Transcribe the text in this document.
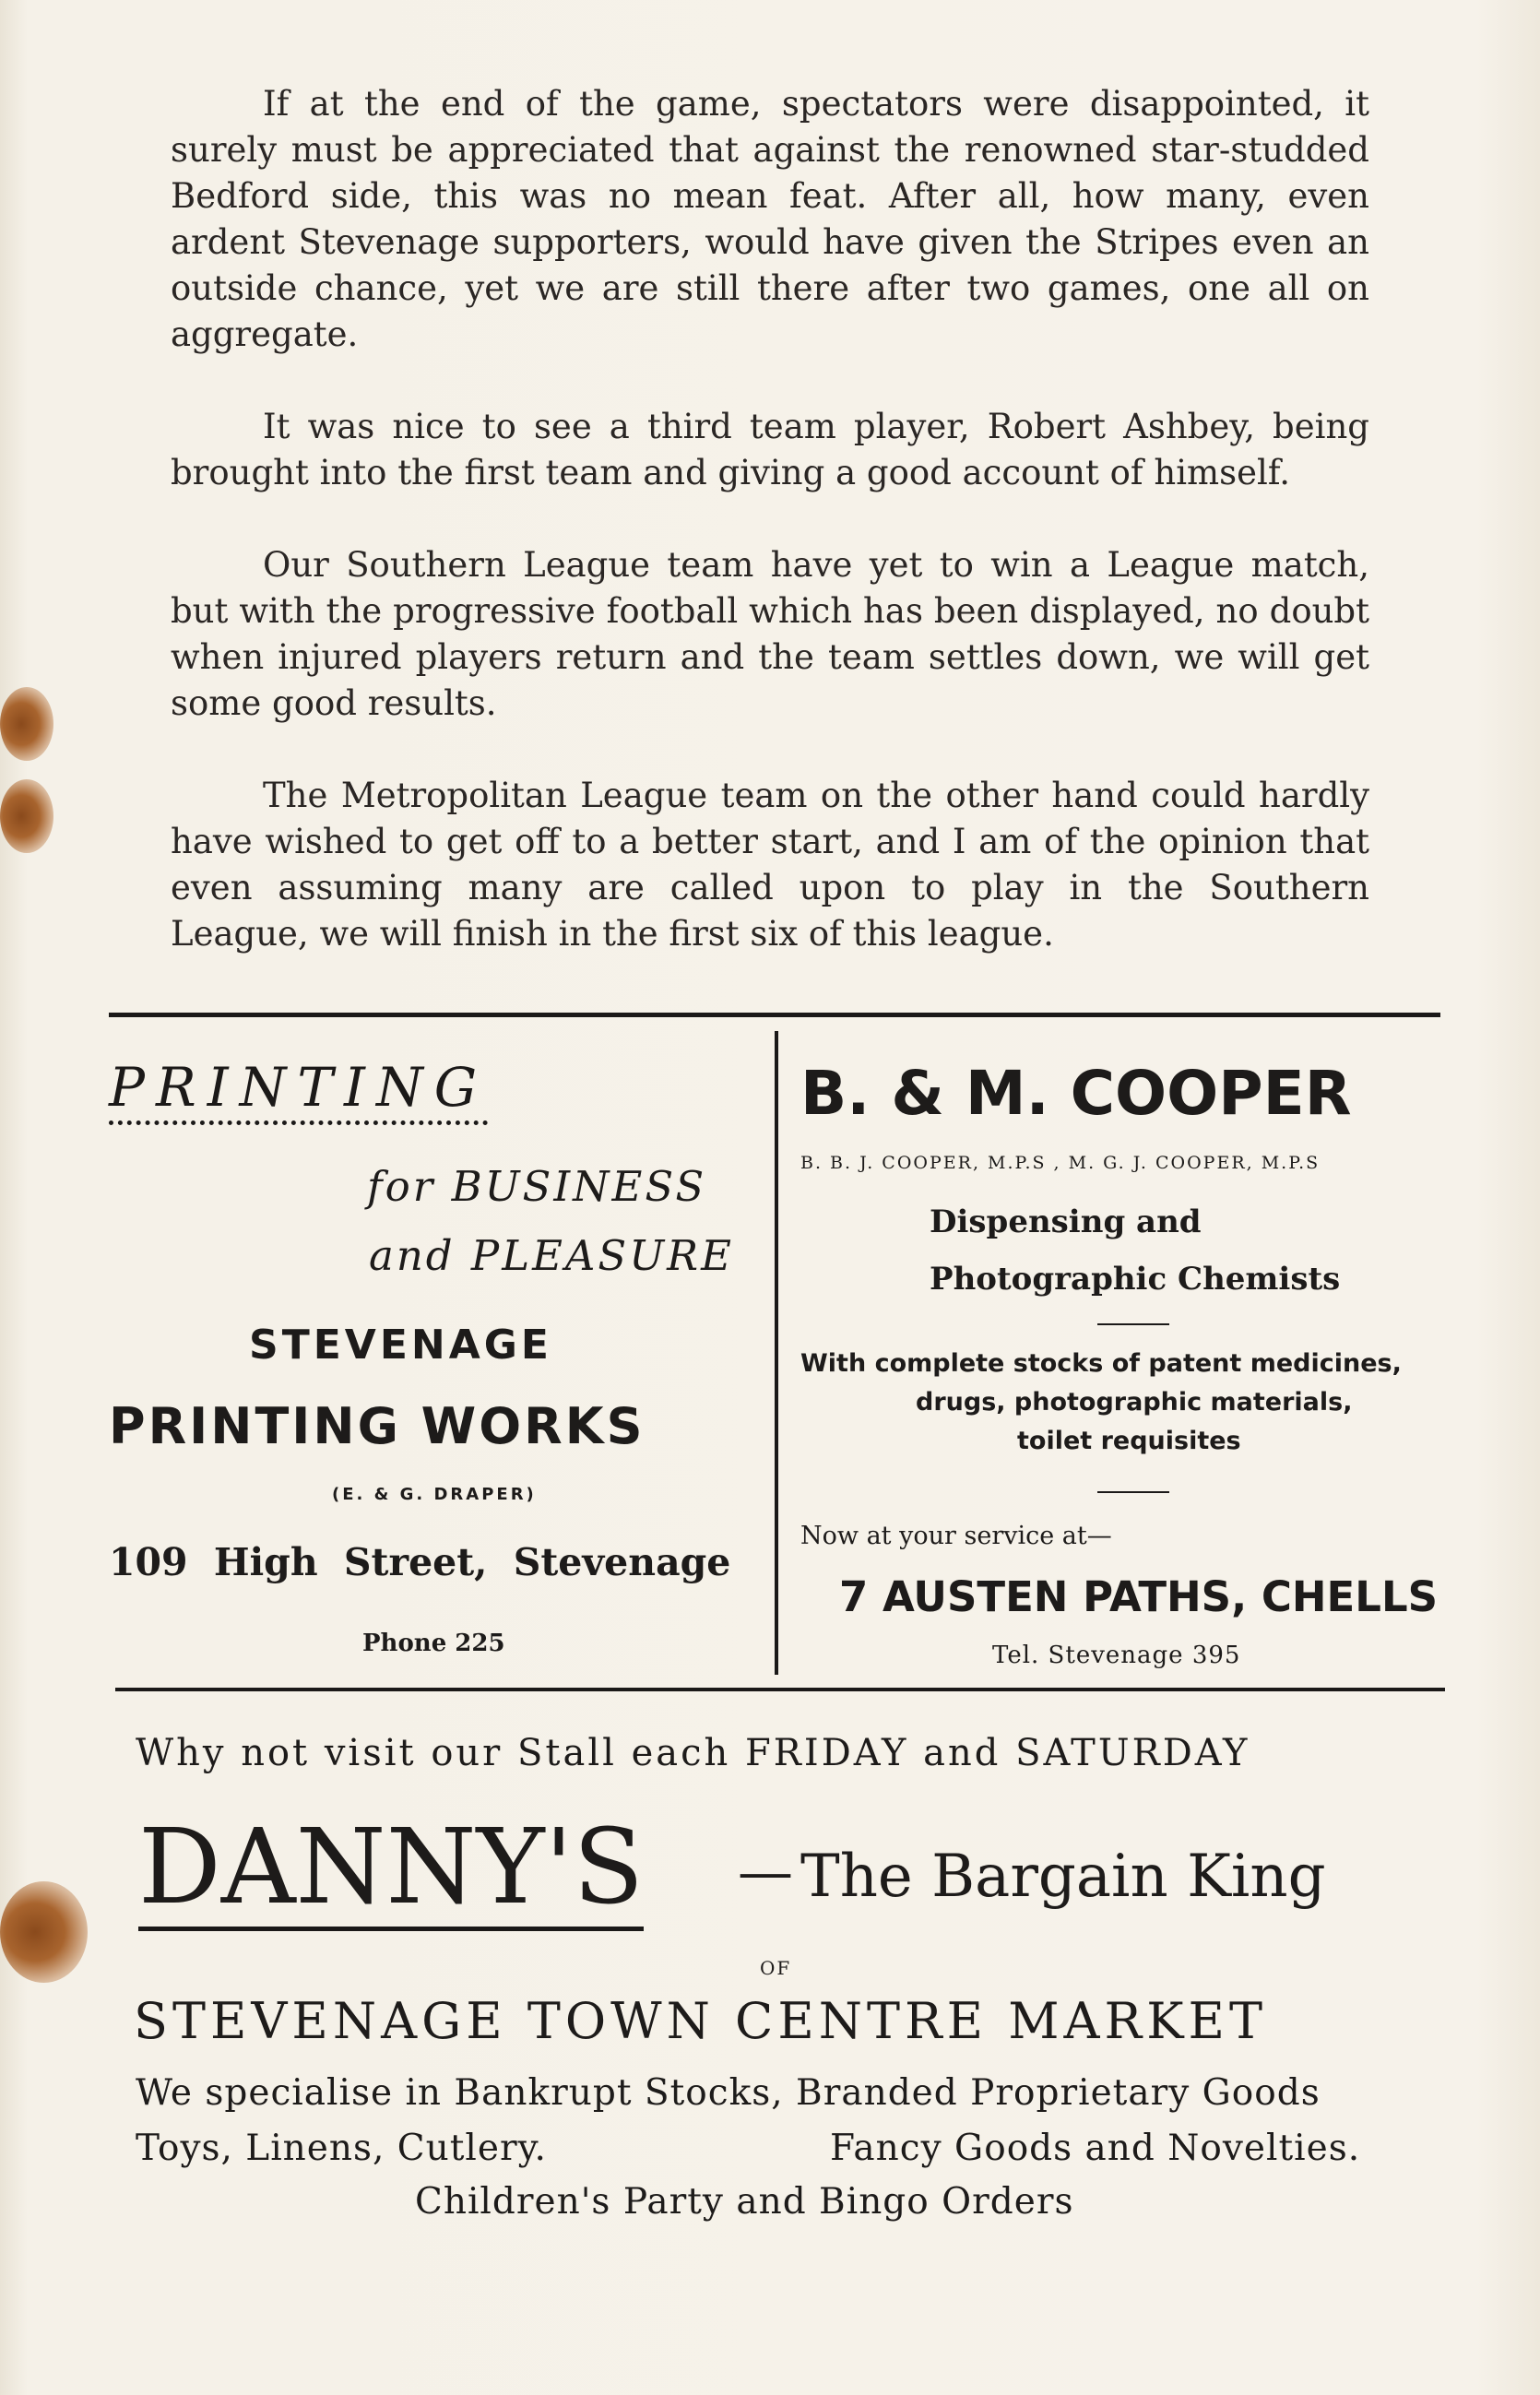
If at the end of the game, spectators were disappointed, it surely must be appreciated that against the renowned star-studded Bedford side, this was no mean feat. After all, how many, even ardent Stevenage supporters, would have given the Stripes even an outside chance, yet we are still there after two games, one all on aggregate.

It was nice to see a third team player, Robert Ashbey, being brought into the first team and giving a good account of himself.

Our Southern League team have yet to win a League match, but with the progressive football which has been displayed, no doubt when injured players return and the team settles down, we will get some good results.

The Metropolitan League team on the other hand could hardly have wished to get off to a better start, and I am of the opinion that even assuming many are called upon to play in the Southern League, we will finish in the first six of this league.

PRINTING
for BUSINESS
and PLEASURE
STEVENAGE
PRINTING WORKS
(E. & G. DRAPER)
109 High Street, Stevenage
Phone 225
B. & M. COOPER
B. B. J. COOPER, M.P.S , M. G. J. COOPER, M.P.S
Dispensing and
Photographic Chemists
With complete stocks of patent medicines,
drugs, photographic materials,
toilet requisites
Now at your service at—
7 AUSTEN PATHS, CHELLS
Tel. Stevenage 395
Why not visit our Stall each FRIDAY and SATURDAY
DANNY'S — The Bargain King
OF
STEVENAGE TOWN CENTRE MARKET
We specialise in Bankrupt Stocks, Branded Proprietary Goods
Toys, Linens, Cutlery.	Fancy Goods and Novelties.
Children's Party and Bingo Orders
